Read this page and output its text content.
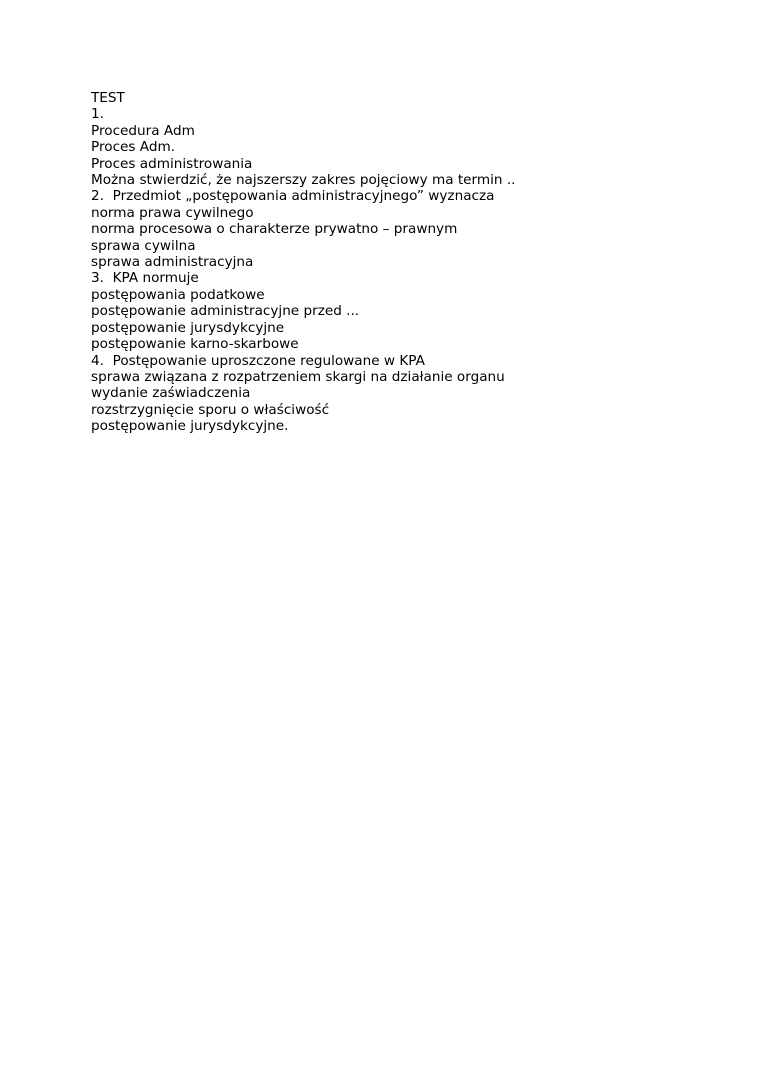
TEST
1.
Procedura Adm
Proces Adm.
Proces administrowania
Można stwierdzić, że najszerszy zakres pojęciowy ma termin ..
2.  Przedmiot „postępowania administracyjnego” wyznacza
norma prawa cywilnego
norma procesowa o charakterze prywatno – prawnym
sprawa cywilna
sprawa administracyjna
3.  KPA normuje
postępowania podatkowe
postępowanie administracyjne przed ...
postępowanie jurysdykcyjne
postępowanie karno-skarbowe
4.  Postępowanie uproszczone regulowane w KPA
sprawa związana z rozpatrzeniem skargi na działanie organu
wydanie zaświadczenia
rozstrzygnięcie sporu o właściwość
postępowanie jurysdykcyjne.
